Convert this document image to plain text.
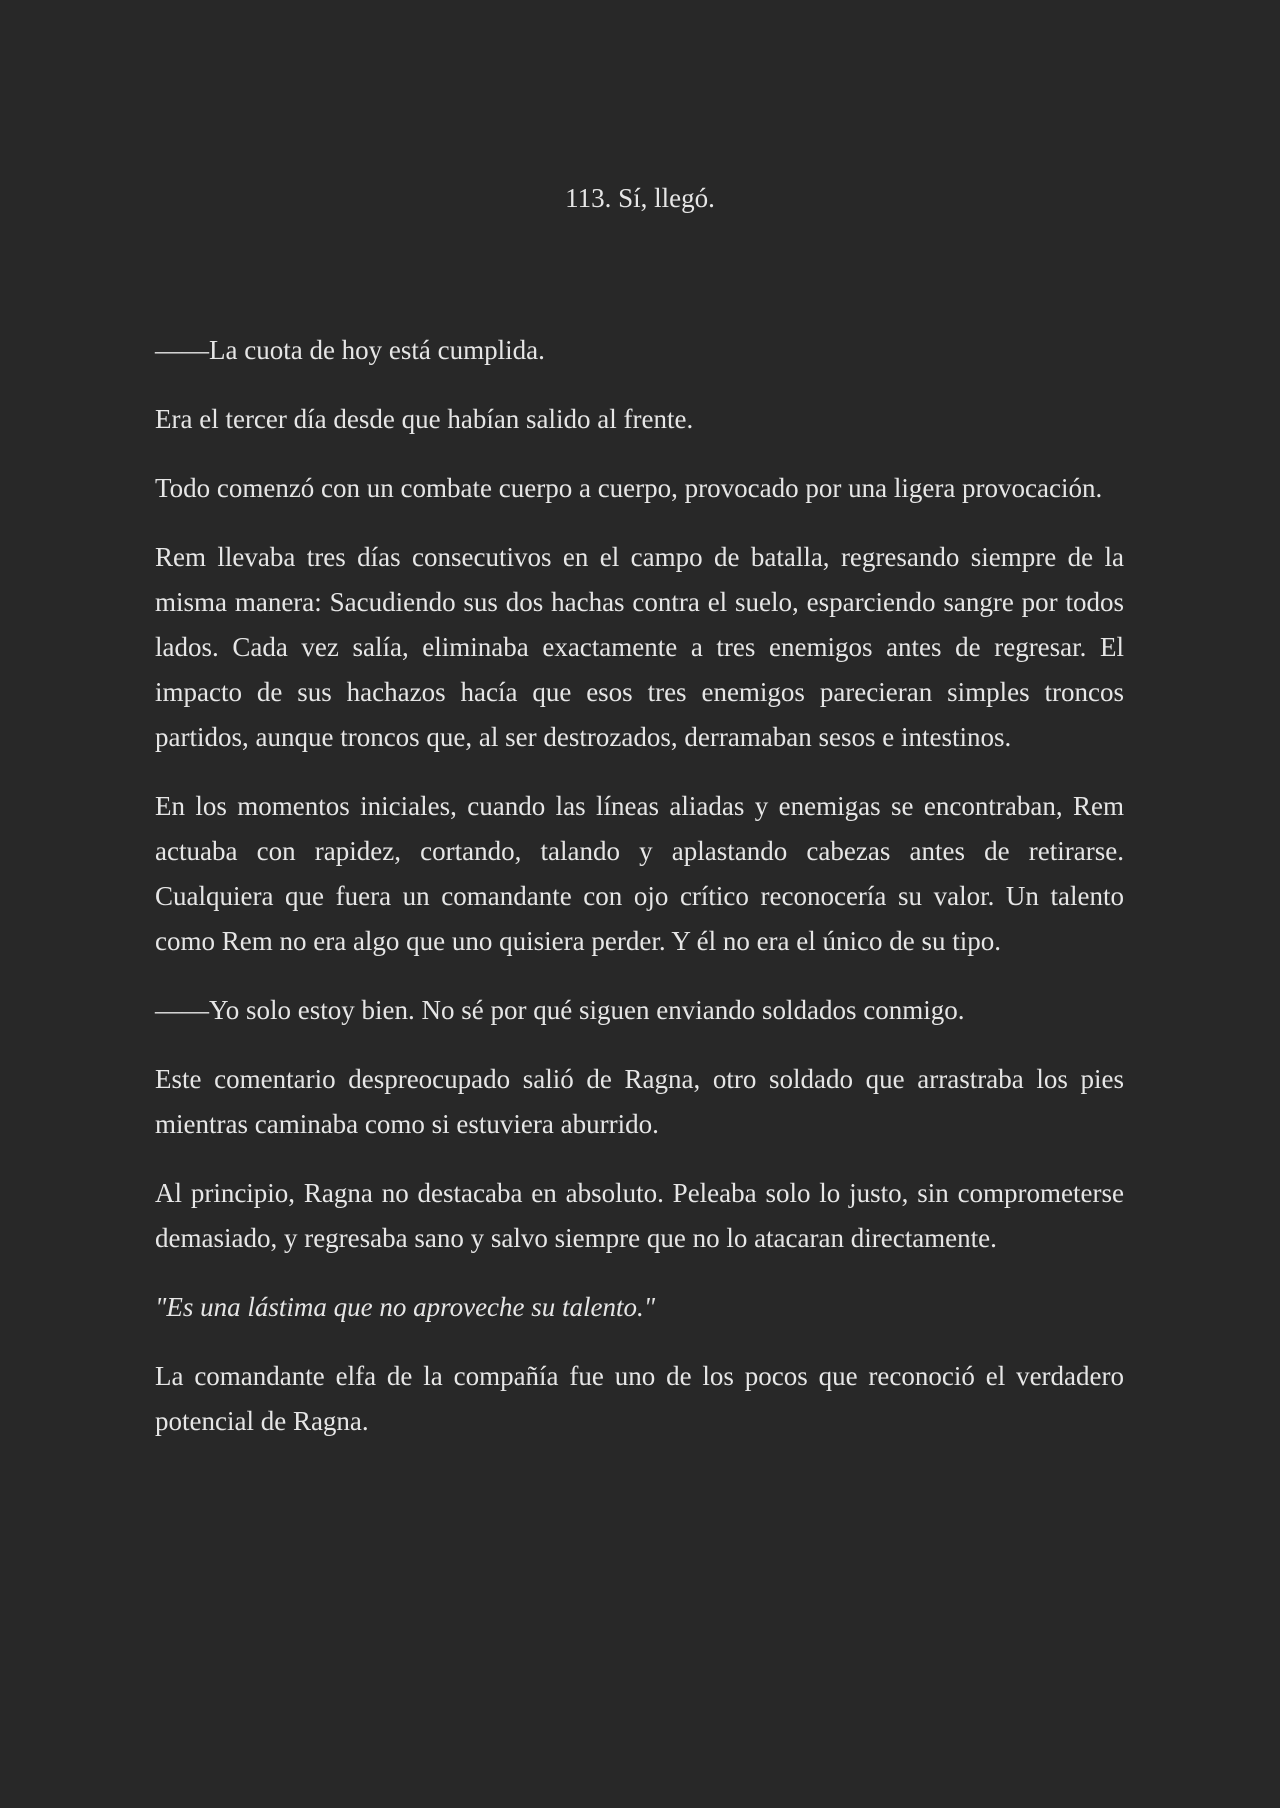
113. Sí, llegó.

——La cuota de hoy está cumplida.

Era el tercer día desde que habían salido al frente.

Todo comenzó con un combate cuerpo a cuerpo, provocado por una ligera provocación.

Rem llevaba tres días consecutivos en el campo de batalla, regresando siempre de la misma manera: Sacudiendo sus dos hachas contra el suelo, esparciendo sangre por todos lados. Cada vez salía, eliminaba exactamente a tres enemigos antes de regresar. El impacto de sus hachazos hacía que esos tres enemigos parecieran simples troncos partidos, aunque troncos que, al ser destrozados, derramaban sesos e intestinos.

En los momentos iniciales, cuando las líneas aliadas y enemigas se encontraban, Rem actuaba con rapidez, cortando, talando y aplastando cabezas antes de retirarse. Cualquiera que fuera un comandante con ojo crítico reconocería su valor. Un talento como Rem no era algo que uno quisiera perder. Y él no era el único de su tipo.

——Yo solo estoy bien. No sé por qué siguen enviando soldados conmigo.

Este comentario despreocupado salió de Ragna, otro soldado que arrastraba los pies mientras caminaba como si estuviera aburrido.

Al principio, Ragna no destacaba en absoluto. Peleaba solo lo justo, sin comprometerse demasiado, y regresaba sano y salvo siempre que no lo atacaran directamente.

"Es una lástima que no aproveche su talento."

La comandante elfa de la compañía fue uno de los pocos que reconoció el verdadero potencial de Ragna.
